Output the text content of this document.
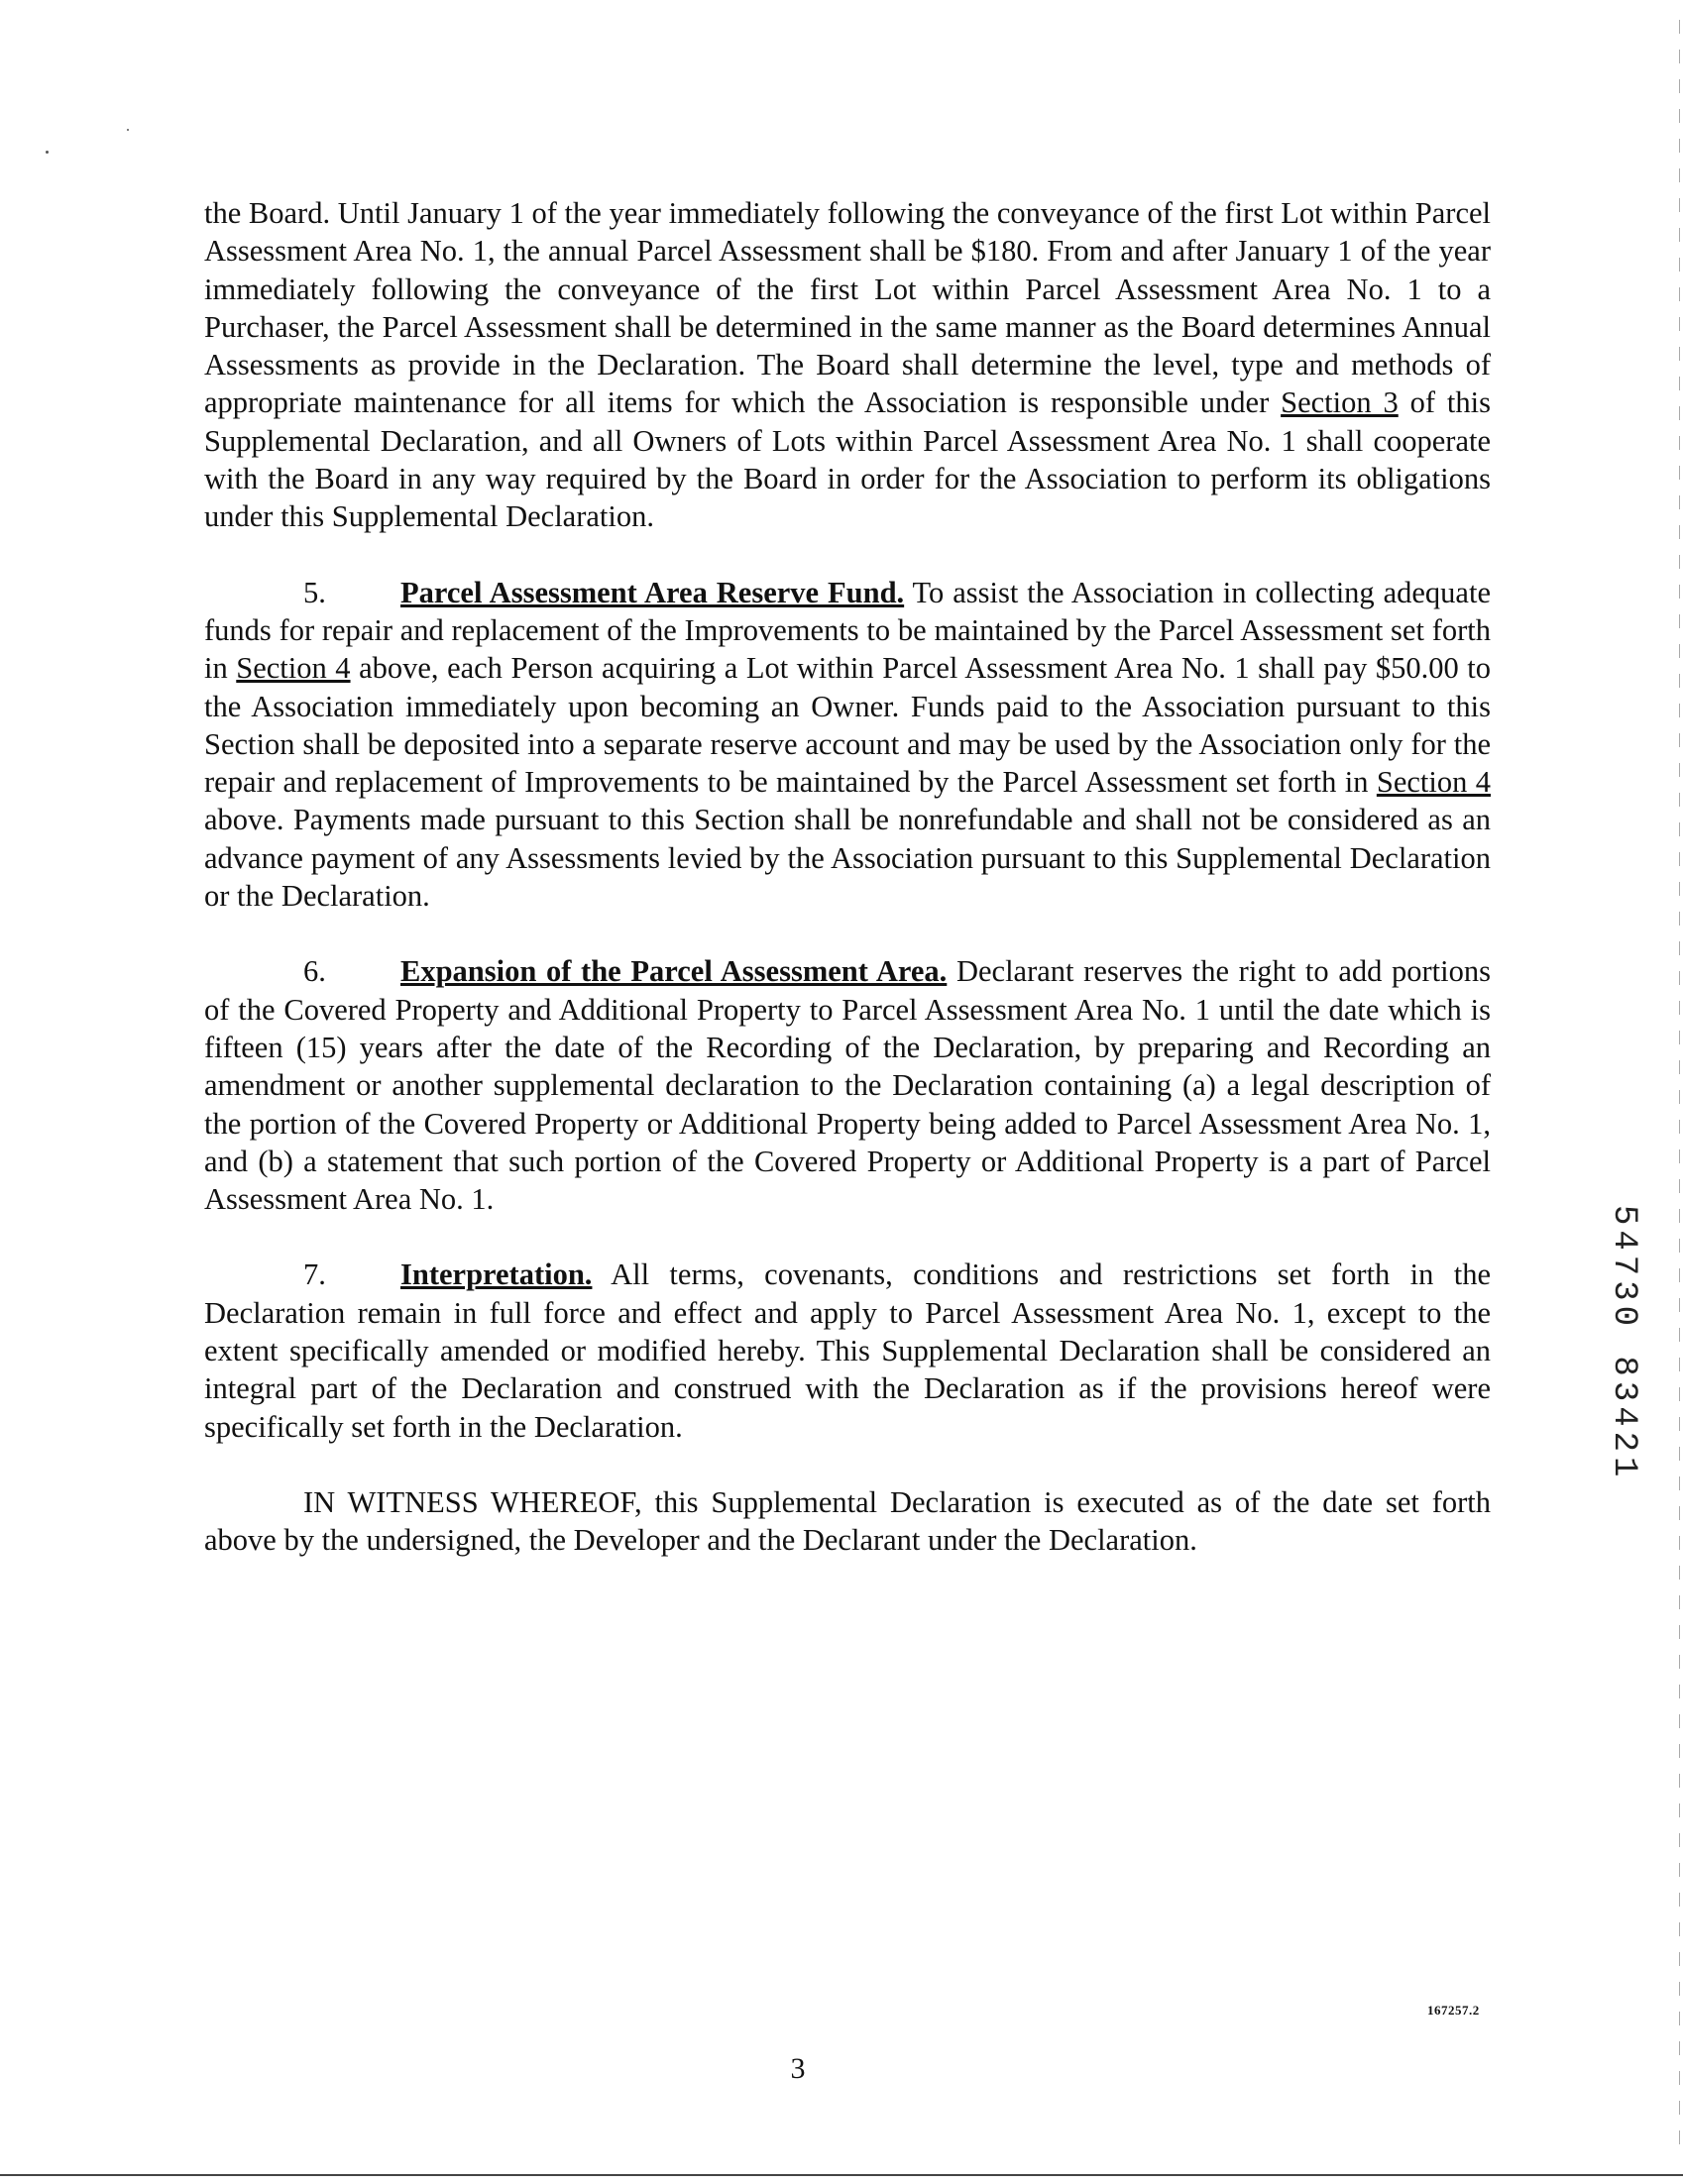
the Board. Until January 1 of the year immediately following the conveyance of the first Lot within Parcel Assessment Area No. 1, the annual Parcel Assessment shall be $180. From and after January 1 of the year immediately following the conveyance of the first Lot within Parcel Assessment Area No. 1 to a Purchaser, the Parcel Assessment shall be determined in the same manner as the Board determines Annual Assessments as provide in the Declaration. The Board shall determine the level, type and methods of appropriate maintenance for all items for which the Association is responsible under Section 3 of this Supplemental Declaration, and all Owners of Lots within Parcel Assessment Area No. 1 shall cooperate with the Board in any way required by the Board in order for the Association to perform its obligations under this Supplemental Declaration.

5. Parcel Assessment Area Reserve Fund. To assist the Association in collecting adequate funds for repair and replacement of the Improvements to be maintained by the Parcel Assessment set forth in Section 4 above, each Person acquiring a Lot within Parcel Assessment Area No. 1 shall pay $50.00 to the Association immediately upon becoming an Owner. Funds paid to the Association pursuant to this Section shall be deposited into a separate reserve account and may be used by the Association only for the repair and replacement of Improvements to be maintained by the Parcel Assessment set forth in Section 4 above. Payments made pursuant to this Section shall be nonrefundable and shall not be considered as an advance payment of any Assessments levied by the Association pursuant to this Supplemental Declaration or the Declaration.

6. Expansion of the Parcel Assessment Area. Declarant reserves the right to add portions of the Covered Property and Additional Property to Parcel Assessment Area No. 1 until the date which is fifteen (15) years after the date of the Recording of the Declaration, by preparing and Recording an amendment or another supplemental declaration to the Declaration containing (a) a legal description of the portion of the Covered Property or Additional Property being added to Parcel Assessment Area No. 1, and (b) a statement that such portion of the Covered Property or Additional Property is a part of Parcel Assessment Area No. 1.

7. Interpretation. All terms, covenants, conditions and restrictions set forth in the Declaration remain in full force and effect and apply to Parcel Assessment Area No. 1, except to the extent specifically amended or modified hereby. This Supplemental Declaration shall be considered an integral part of the Declaration and construed with the Declaration as if the provisions hereof were specifically set forth in the Declaration.

IN WITNESS WHEREOF, this Supplemental Declaration is executed as of the date set forth above by the undersigned, the Developer and the Declarant under the Declaration.

54730 83421
167257.2
3
